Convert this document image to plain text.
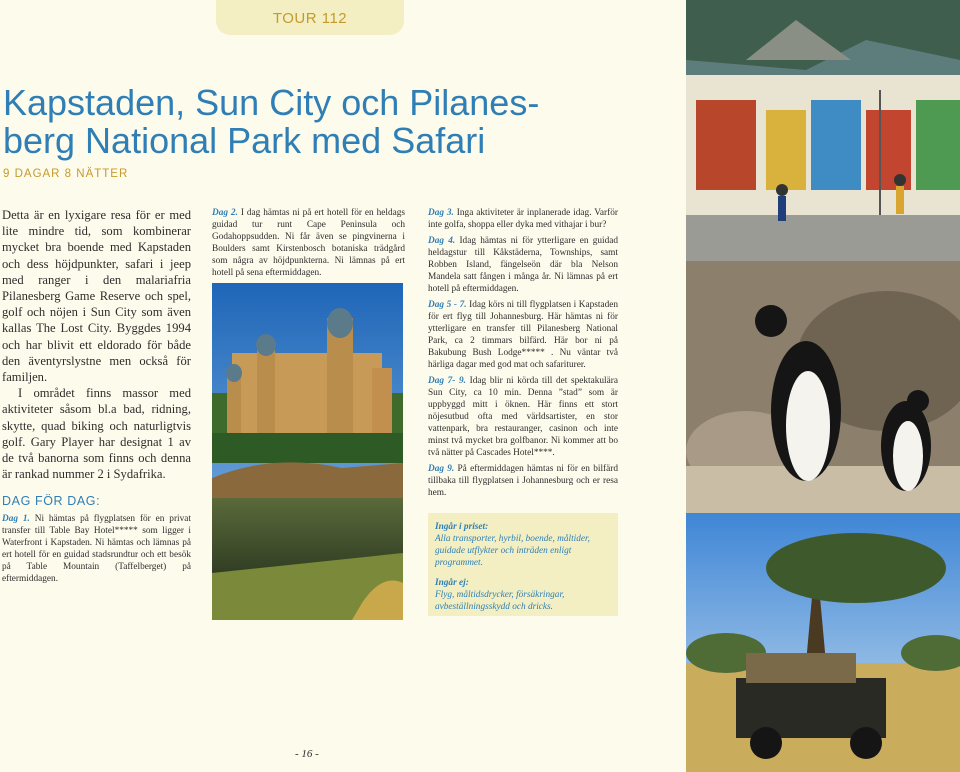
TOUR 112
Kapstaden, Sun City och Pilanes-
berg National Park med Safari
9 DAGAR 8 NÄTTER

Detta är en lyxigare resa för er med lite mindre tid, som kombinerar mycket bra boende med Kapstaden och dess höjdpunkter, safari i jeep med ranger i den malariafria Pilanesberg Game Reserve och spel, golf och nöjen i Sun City som även kallas The Lost City. Byggdes 1994 och har blivit ett eldorado för både den äventyrslystne men också för familjen.

I området finns massor med aktiviteter såsom bl.a bad, ridning, skytte, quad biking och naturligtvis golf. Gary Player har designat 1 av de två banorna som finns och denna är rankad nummer 2 i Sydafrika.

DAG FÖR DAG:

Dag 1. Ni hämtas på flygplatsen för en privat transfer till Table Bay Hotel***** som ligger i Waterfront i Kapstaden. Ni hämtas och lämnas på ert hotell för en guidad stadsrundtur och ett besök på Table Mountain (Taffelberget) på eftermiddagen.

Dag 2. I dag hämtas ni på ert hotell för en heldags guidad tur runt Cape Peninsula och Godahoppsudden. Ni får även se pingvinerna i Boulders samt Kirstenbosch botaniska trädgård som några av höjdpunkterna. Ni lämnas på ert hotell på sena eftermiddagen.

Dag 3. Inga aktiviteter är inplanerade idag. Varför inte golfa, shoppa eller dyka med vithajar i bur?

Dag 4. Idag hämtas ni för ytterligare en guidad heldagstur till Kåkstäderna, Townships, samt Robben Island, fängelseön där bla Nelson Mandela satt fången i många år. Ni lämnas på ert hotell på eftermiddagen.

Dag 5 - 7. Idag körs ni till flygplatsen i Kapstaden för ert flyg till Johannesburg. Här hämtas ni för ytterligare en transfer till Pilanesberg National Park, ca 2 timmars bilfärd. Här bor ni på Bakubung Bush Lodge***** . Nu väntar två härliga dagar med god mat och safariturer.

Dag 7- 9. Idag blir ni körda till det spektakulära Sun City, ca 10 min. Denna ”stad” som är uppbyggd mitt i öknen. Här finns ett stort nöjesutbud ofta med världsartister, en stor vattenpark, bra restauranger, casinon och inte minst två mycket bra golfbanor. Ni kommer att bo två nätter på Cascades Hotel****.

Dag 9. På eftermiddagen hämtas ni för en bilfärd tillbaka till flygplatsen i Johannesburg och er resa hem.

Ingår i priset:

Alla transporter, hyrbil, boende, måltider, guidade utflykter och inträden enligt programmet.

Ingår ej:

Flyg, måltidsdrycker, försäkringar, avbeställningsskydd och dricks.

- 16 -
